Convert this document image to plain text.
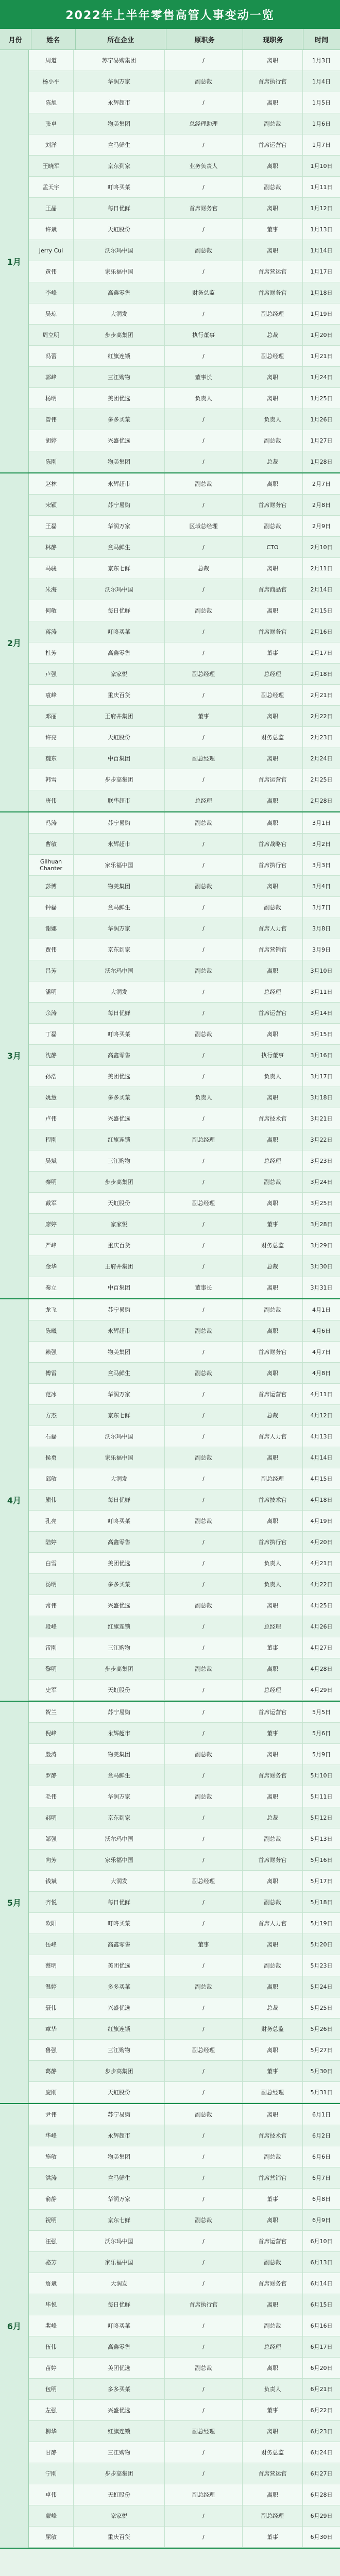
2022年上半年零售高管人事变动一览
月份	姓名	所在企业	原职务	现职务	时间
1月
周道	苏宁易购集团	/	离职	1月3日
杨小平	华润万家	副总裁	首席执行官	1月4日
陈旭	永辉超市	/	离职	1月5日
张卓	物美集团	总经理助理	副总裁	1月6日
刘洋	盒马鲜生	/	首席运营官	1月7日
王晓军	京东到家	业务负责人	离职	1月10日
孟天宇	叮咚买菜	/	副总裁	1月11日
王晶	每日优鲜	首席财务官	离职	1月12日
许斌	天虹股份	/	董事	1月13日
Jerry Cui	沃尔玛中国	副总裁	离职	1月14日
黄伟	家乐福中国	/	首席营运官	1月17日
李峰	高鑫零售	财务总监	首席财务官	1月18日
吴琼	大润发	/	副总经理	1月19日
周立明	步步高集团	执行董事	总裁	1月20日
冯蕾	红旗连锁	/	副总经理	1月21日
郭峰	三江购物	董事长	离职	1月24日
杨明	美团优选	负责人	离职	1月25日
曾伟	多多买菜	/	负责人	1月26日
胡婷	兴盛优选	/	副总裁	1月27日
陈刚	物美集团	/	总裁	1月28日
2月
赵林	永辉超市	副总裁	离职	2月7日
宋颖	苏宁易购	/	首席财务官	2月8日
王磊	华润万家	区域总经理	副总裁	2月9日
林静	盒马鲜生	/	CTO	2月10日
马骏	京东七鲜	总裁	离职	2月11日
朱海	沃尔玛中国	/	首席商品官	2月14日
何敏	每日优鲜	副总裁	离职	2月15日
蒋涛	叮咚买菜	/	首席财务官	2月16日
杜芳	高鑫零售	/	董事	2月17日
卢强	家家悦	副总经理	总经理	2月18日
袁峰	重庆百货	/	副总经理	2月21日
邓丽	王府井集团	董事	离职	2月22日
许亮	天虹股份	/	财务总监	2月23日
魏东	中百集团	副总经理	离职	2月24日
韩雪	步步高集团	/	首席运营官	2月25日
唐伟	联华超市	总经理	离职	2月28日
3月
冯涛	苏宁易购	副总裁	离职	3月1日
曹敏	永辉超市	/	首席战略官	3月2日
Gilhuan Chanter	家乐福中国	/	首席执行官	3月3日
彭博	物美集团	副总裁	离职	3月4日
钟磊	盒马鲜生	/	副总裁	3月7日
谢娜	华润万家	/	首席人力官	3月8日
贾伟	京东到家	/	首席营销官	3月9日
吕芳	沃尔玛中国	副总裁	离职	3月10日
潘明	大润发	/	总经理	3月11日
余涛	每日优鲜	/	首席运营官	3月14日
丁磊	叮咚买菜	副总裁	离职	3月15日
沈静	高鑫零售	/	执行董事	3月16日
孙浩	美团优选	/	负责人	3月17日
姚慧	多多买菜	负责人	离职	3月18日
卢伟	兴盛优选	/	首席技术官	3月21日
程刚	红旗连锁	副总经理	离职	3月22日
吴斌	三江购物	/	总经理	3月23日
秦明	步步高集团	/	副总裁	3月24日
戴军	天虹股份	副总经理	离职	3月25日
廖婷	家家悦	/	董事	3月28日
严峰	重庆百货	/	财务总监	3月29日
金华	王府井集团	/	总裁	3月30日
秦立	中百集团	董事长	离职	3月31日
4月
龙飞	苏宁易购	/	副总裁	4月1日
陈曦	永辉超市	副总裁	离职	4月6日
赖强	物美集团	/	首席财务官	4月7日
傅雷	盒马鲜生	副总裁	离职	4月8日
范冰	华润万家	/	首席运营官	4月11日
方杰	京东七鲜	/	总裁	4月12日
石磊	沃尔玛中国	/	首席人力官	4月13日
侯勇	家乐福中国	副总裁	离职	4月14日
邱敏	大润发	/	副总经理	4月15日
熊伟	每日优鲜	/	首席技术官	4月18日
孔亮	叮咚买菜	副总裁	离职	4月19日
陆婷	高鑫零售	/	首席执行官	4月20日
白雪	美团优选	/	负责人	4月21日
汤明	多多买菜	/	负责人	4月22日
常伟	兴盛优选	副总裁	离职	4月25日
段峰	红旗连锁	/	总经理	4月26日
雷刚	三江购物	/	董事	4月27日
黎明	步步高集团	副总裁	离职	4月28日
史军	天虹股份	/	总经理	4月29日
5月
贺兰	苏宁易购	/	首席运营官	5月5日
倪峰	永辉超市	/	董事	5月6日
殷涛	物美集团	副总裁	离职	5月9日
罗静	盒马鲜生	/	首席财务官	5月10日
毛伟	华润万家	副总裁	离职	5月11日
郝明	京东到家	/	总裁	5月12日
邹强	沃尔玛中国	/	副总裁	5月13日
向芳	家乐福中国	/	首席财务官	5月16日
钱斌	大润发	副总经理	离职	5月17日
齐悦	每日优鲜	/	副总裁	5月18日
欧阳	叮咚买菜	/	首席人力官	5月19日
岳峰	高鑫零售	董事	离职	5月20日
蔡明	美团优选	/	副总裁	5月23日
温婷	多多买菜	副总裁	离职	5月24日
聂伟	兴盛优选	/	总裁	5月25日
章华	红旗连锁	/	财务总监	5月26日
鲁强	三江购物	副总经理	离职	5月27日
葛静	步步高集团	/	董事	5月30日
庞刚	天虹股份	/	副总经理	5月31日
6月
尹伟	苏宁易购	副总裁	离职	6月1日
华峰	永辉超市	/	首席技术官	6月2日
施敏	物美集团	/	副总裁	6月6日
洪涛	盒马鲜生	/	首席营销官	6月7日
俞静	华润万家	/	董事	6月8日
祝明	京东七鲜	副总裁	离职	6月9日
汪强	沃尔玛中国	/	首席运营官	6月10日
骆芳	家乐福中国	/	副总裁	6月13日
詹斌	大润发	/	首席财务官	6月14日
毕悦	每日优鲜	首席执行官	离职	6月15日
裴峰	叮咚买菜	/	副总裁	6月16日
伍伟	高鑫零售	/	总经理	6月17日
苗婷	美团优选	副总裁	离职	6月20日
包明	多多买菜	/	负责人	6月21日
左强	兴盛优选	/	董事	6月22日
柳华	红旗连锁	副总经理	离职	6月23日
甘静	三江购物	/	财务总监	6月24日
宁刚	步步高集团	/	首席营运官	6月27日
卓伟	天虹股份	副总经理	离职	6月28日
蒙峰	家家悦	/	副总经理	6月29日
屈敏	重庆百货	/	董事	6月30日
